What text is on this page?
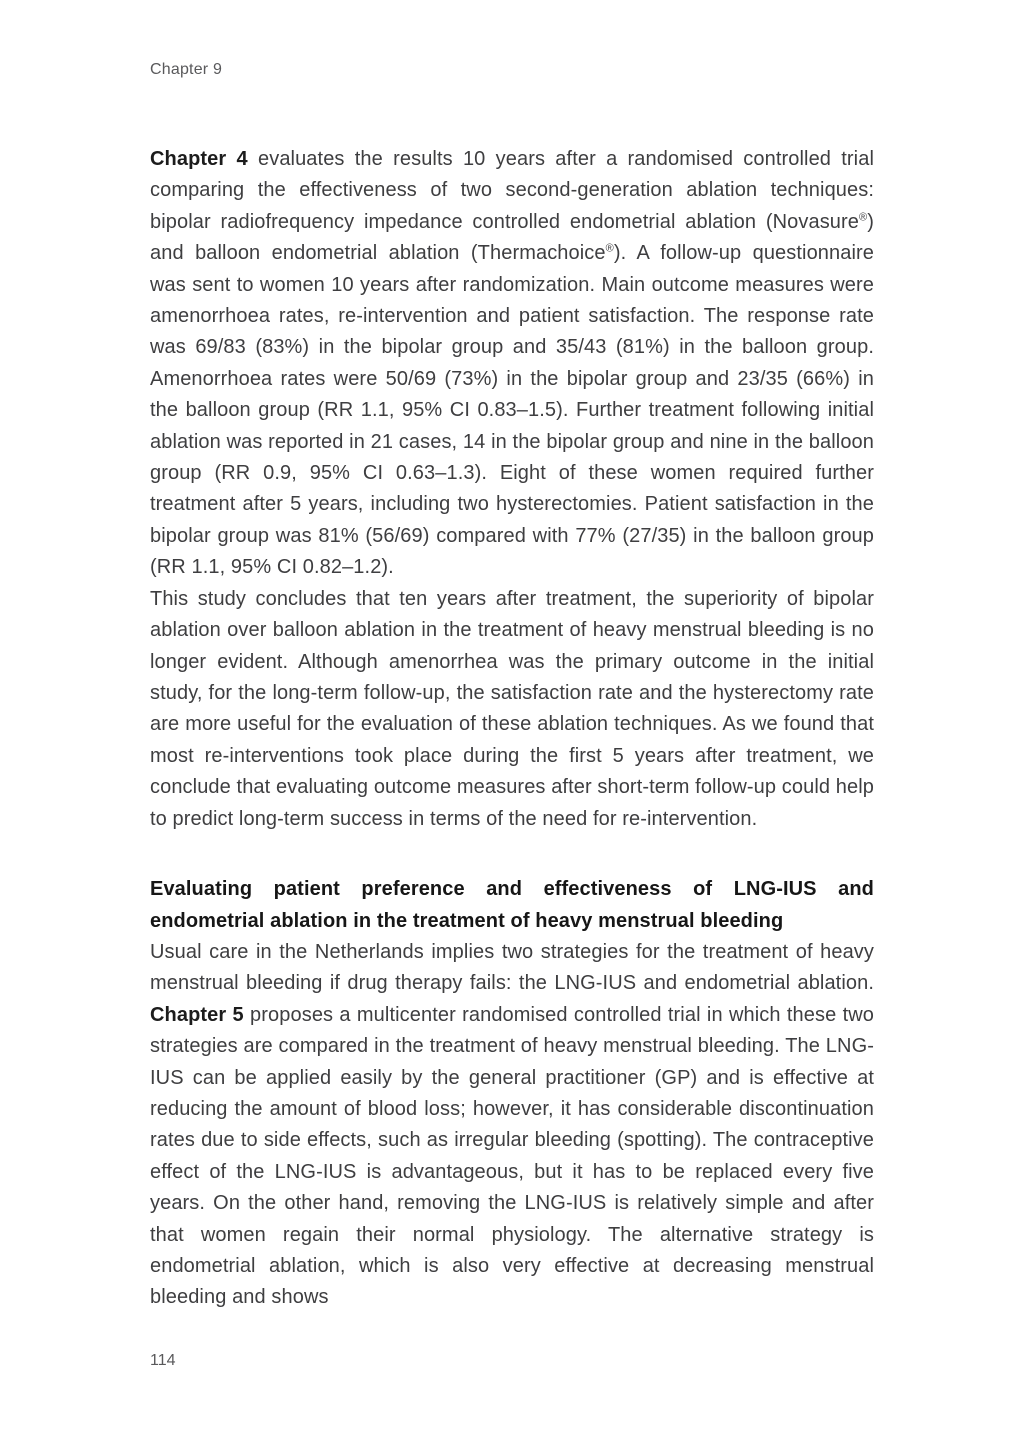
Chapter 9

Chapter 4 evaluates the results 10 years after a randomised controlled trial comparing the effectiveness of two second-generation ablation techniques: bipolar radiofrequency impedance controlled endometrial ablation (Novasure®) and balloon endometrial ablation (Thermachoice®). A follow-up questionnaire was sent to women 10 years after randomization. Main outcome measures were amenorrhoea rates, re-intervention and patient satisfaction. The response rate was 69/83 (83%) in the bipolar group and 35/43 (81%) in the balloon group. Amenorrhoea rates were 50/69 (73%) in the bipolar group and 23/35 (66%) in the balloon group (RR 1.1, 95% CI 0.83–1.5). Further treatment following initial ablation was reported in 21 cases, 14 in the bipolar group and nine in the balloon group (RR 0.9, 95% CI 0.63–1.3). Eight of these women required further treatment after 5 years, including two hysterectomies. Patient satisfaction in the bipolar group was 81% (56/69) compared with 77% (27/35) in the balloon group (RR 1.1, 95% CI 0.82–1.2).

This study concludes that ten years after treatment, the superiority of bipolar ablation over balloon ablation in the treatment of heavy menstrual bleeding is no longer evident. Although amenorrhea was the primary outcome in the initial study, for the long-term follow-up, the satisfaction rate and the hysterectomy rate are more useful for the evaluation of these ablation techniques. As we found that most re-interventions took place during the first 5 years after treatment, we conclude that evaluating outcome measures after short-term follow-up could help to predict long-term success in terms of the need for re-intervention.

Evaluating patient preference and effectiveness of LNG-IUS and endometrial ablation in the treatment of heavy menstrual bleeding

Usual care in the Netherlands implies two strategies for the treatment of heavy menstrual bleeding if drug therapy fails: the LNG-IUS and endometrial ablation. Chapter 5 proposes a multicenter randomised controlled trial in which these two strategies are compared in the treatment of heavy menstrual bleeding. The LNG-IUS can be applied easily by the general practitioner (GP) and is effective at reducing the amount of blood loss; however, it has considerable discontinuation rates due to side effects, such as irregular bleeding (spotting). The contraceptive effect of the LNG-IUS is advantageous, but it has to be replaced every five years. On the other hand, removing the LNG-IUS is relatively simple and after that women regain their normal physiology. The alternative strategy is endometrial ablation, which is also very effective at decreasing menstrual bleeding and shows

114
